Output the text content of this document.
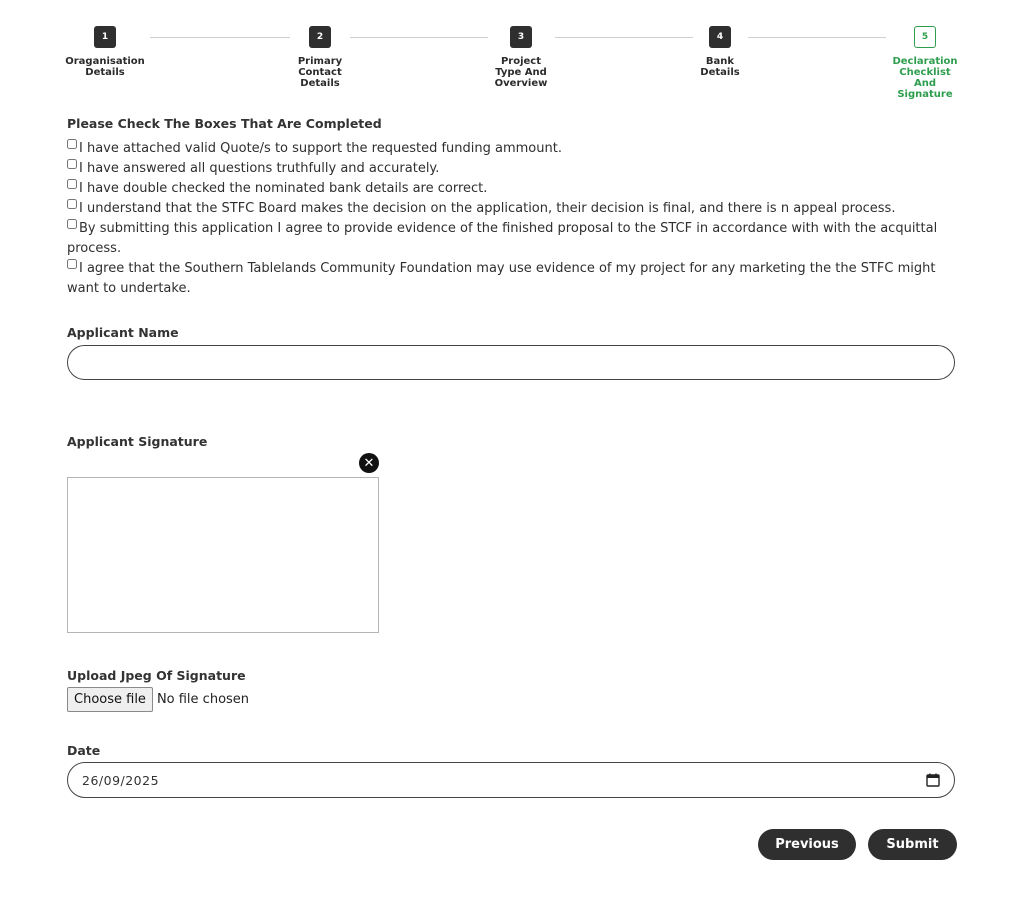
1
Oraganisation
Details
2
Primary
Contact
Details
3
Project
Type And
Overview
4
Bank
Details
5
Declaration
Checklist
And
Signature
Please Check The Boxes That Are Completed
I have attached valid Quote/s to support the requested funding ammount.
I have answered all questions truthfully and accurately.
I have double checked the nominated bank details are correct.
I understand that the STFC Board makes the decision on the application, their decision is final, and there is n appeal process.
By submitting this application I agree to provide evidence of the finished proposal to the STCF in accordance with with the acquittal process.
I agree that the Southern Tablelands Community Foundation may use evidence of my project for any marketing the the STFC might want to undertake.
Applicant Name
Applicant Signature
✕
Upload Jpeg Of Signature
Choose file No file chosen
Date
26/09/2025
Previous	Submit
